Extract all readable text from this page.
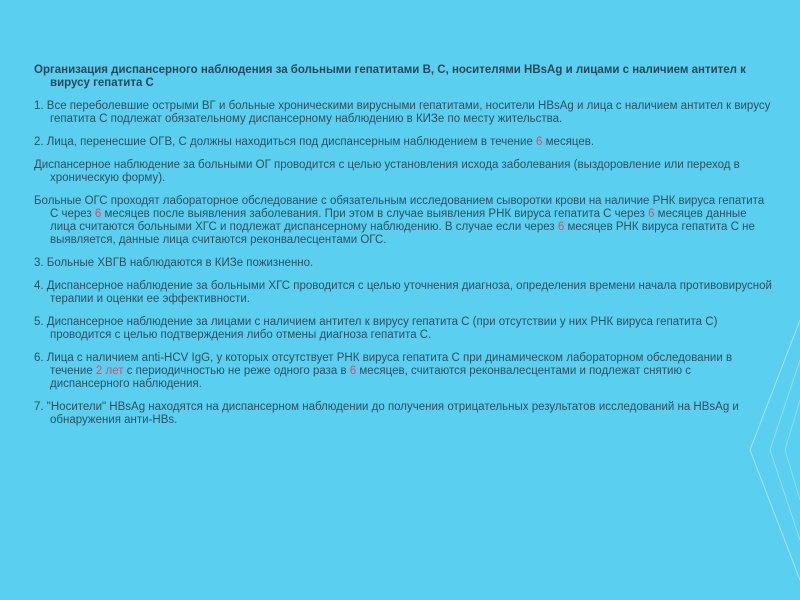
Организация диспансерного наблюдения за больными гепатитами В, С, носителями HBsAg и лицами с наличием антител к вирусу гепатита С

1. Все переболевшие острыми ВГ и больные хроническими вирусными гепатитами, носители HBsAg и лица с наличием антител к вирусу гепатита С подлежат обязательному диспансерному наблюдению в КИЗе по месту жительства.

2. Лица, перенесшие ОГВ, С должны находиться под диспансерным наблюдением в течение 6 месяцев.

Диспансерное наблюдение за больными ОГ проводится с целью установления исхода заболевания (выздоровление или переход в хроническую форму).

Больные ОГС проходят лабораторное обследование с обязательным исследованием сыворотки крови на наличие РНК вируса гепатита С через 6 месяцев после выявления заболевания. При этом в случае выявления РНК вируса гепатита С через 6 месяцев данные лица считаются больными ХГС и подлежат диспансерному наблюдению. В случае если через 6 месяцев РНК вируса гепатита С не выявляется, данные лица считаются реконвалесцентами ОГС.

3. Больные ХВГВ наблюдаются в КИЗе пожизненно.

4. Диспансерное наблюдение за больными ХГС проводится с целью уточнения диагноза, определения времени начала противовирусной терапии и оценки ее эффективности.

5. Диспансерное наблюдение за лицами с наличием антител к вирусу гепатита С (при отсутствии у них РНК вируса гепатита С) проводится с целью подтверждения либо отмены диагноза гепатита С.

6. Лица с наличием anti-HCV IgG, у которых отсутствует РНК вируса гепатита С при динамическом лабораторном обследовании в течение 2 лет с периодичностью не реже одного раза в 6 месяцев, считаются реконвалесцентами и подлежат снятию с диспансерного наблюдения.

7. "Носители" HBsAg находятся на диспансерном наблюдении до получения отрицательных результатов исследований на HBsAg и обнаружения анти-HBs.
